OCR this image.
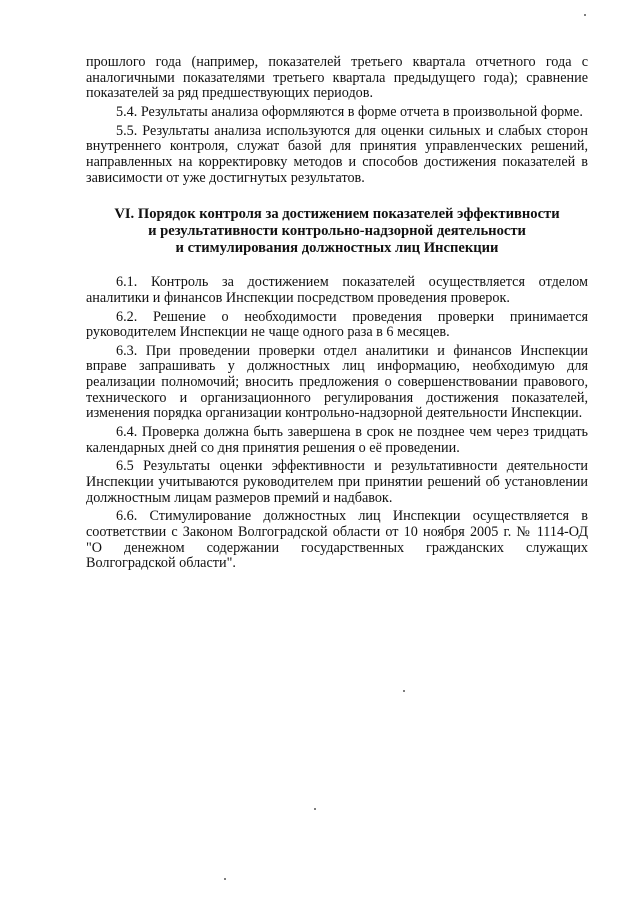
прошлого года (например, показателей третьего квартала отчетного года с аналогичными показателями третьего квартала предыдущего года); сравнение показателей за ряд предшествующих периодов.

5.4. Результаты анализа оформляются в форме отчета в произвольной форме.

5.5. Результаты анализа используются для оценки сильных и слабых сторон внутреннего контроля, служат базой для принятия управленческих решений, направленных на корректировку методов и способов достижения показателей в зависимости от уже достигнутых результатов.

VI. Порядок контроля за достижением показателей эффективности
и результативности контрольно-надзорной деятельности
и стимулирования должностных лиц Инспекции

6.1. Контроль за достижением показателей осуществляется отделом аналитики и финансов Инспекции посредством проведения проверок.

6.2. Решение о необходимости проведения проверки принимается руководителем Инспекции не чаще одного раза в 6 месяцев.

6.3. При проведении проверки отдел аналитики и финансов Инспекции вправе запрашивать у должностных лиц информацию, необходимую для реализации полномочий; вносить предложения о совершенствовании правового, технического и организационного регулирования достижения показателей, изменения порядка организации контрольно-надзорной деятельности Инспекции.

6.4. Проверка должна быть завершена в срок не позднее чем через тридцать календарных дней со дня принятия решения о её проведении.

6.5 Результаты оценки эффективности и результативности деятельности Инспекции учитываются руководителем при принятии решений об установлении должностным лицам размеров премий и надбавок.

6.6. Стимулирование должностных лиц Инспекции осуществляется в соответствии с Законом Волгоградской области от 10 ноября 2005 г. № 1114-ОД "О денежном содержании государственных гражданских служащих Волгоградской области".
